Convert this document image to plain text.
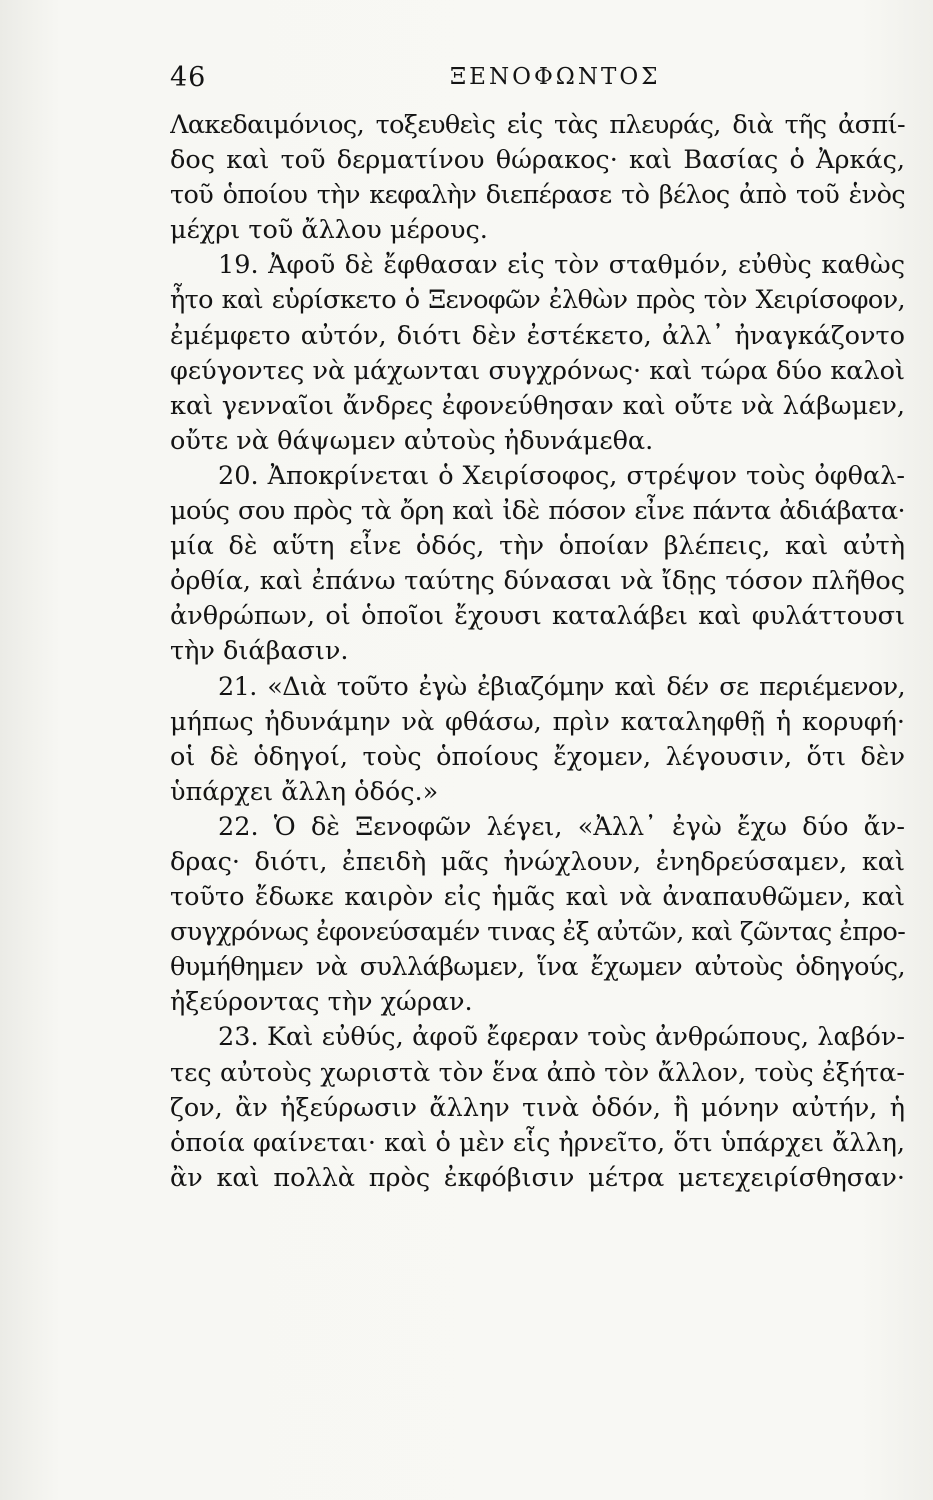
46	ΞΕΝΟΦΩΝΤΟΣ
Λακεδαιμόνιος, τοξευθεὶς εἰς τὰς πλευράς, διὰ τῆς ἀσπί-
δος καὶ τοῦ δερματίνου θώρακος· καὶ Βασίας ὁ Ἀρκάς,
τοῦ ὁποίου τὴν κεφαλὴν διεπέρασε τὸ βέλος ἀπὸ τοῦ ἑνὸς
μέχρι τοῦ ἄλλου μέρους.
19. Ἀφοῦ δὲ ἔφθασαν εἰς τὸν σταθμόν, εὐθὺς καθὼς
ἦτο καὶ εὑρίσκετο ὁ Ξενοφῶν ἐλθὼν πρὸς τὸν Χειρίσοφον,
ἐμέμφετο αὐτόν, διότι δὲν ἐστέκετο, ἀλλ᾽ ἠναγκάζοντο
φεύγοντες νὰ μάχωνται συγχρόνως· καὶ τώρα δύο καλοὶ
καὶ γενναῖοι ἄνδρες ἐφονεύθησαν καὶ οὔτε νὰ λάβωμεν,
οὔτε νὰ θάψωμεν αὐτοὺς ἠδυνάμεθα.
20. Ἀποκρίνεται ὁ Χειρίσοφος, στρέψον τοὺς ὀφθαλ-
μούς σου πρὸς τὰ ὄρη καὶ ἰδὲ πόσον εἶνε πάντα ἀδιάβατα·
μία δὲ αὕτη εἶνε ὁδός, τὴν ὁποίαν βλέπεις, καὶ αὐτὴ
ὀρθία, καὶ ἐπάνω ταύτης δύνασαι νὰ ἴδῃς τόσον πλῆθος
ἀνθρώπων, οἱ ὁποῖοι ἔχουσι καταλάβει καὶ φυλάττουσι
τὴν διάβασιν.
21. «Διὰ τοῦτο ἐγὼ ἐβιαζόμην καὶ δέν σε περιέμενον,
μήπως ἠδυνάμην νὰ φθάσω, πρὶν καταληφθῇ ἡ κορυφή·
οἱ δὲ ὁδηγοί, τοὺς ὁποίους ἔχομεν, λέγουσιν, ὅτι δὲν
ὑπάρχει ἄλλη ὁδός.»
22. Ὁ δὲ Ξενοφῶν λέγει, «Ἀλλ᾽ ἐγὼ ἔχω δύο ἄν-
δρας· διότι, ἐπειδὴ μᾶς ἠνώχλουν, ἐνηδρεύσαμεν, καὶ
τοῦτο ἔδωκε καιρὸν εἰς ἡμᾶς καὶ νὰ ἀναπαυθῶμεν, καὶ
συγχρόνως ἐφονεύσαμέν τινας ἐξ αὐτῶν, καὶ ζῶντας ἐπρο-
θυμήθημεν νὰ συλλάβωμεν, ἵνα ἔχωμεν αὐτοὺς ὁδηγούς,
ἠξεύροντας τὴν χώραν.
23. Καὶ εὐθύς, ἀφοῦ ἔφεραν τοὺς ἀνθρώπους, λαβόν-
τες αὐτοὺς χωριστὰ τὸν ἕνα ἀπὸ τὸν ἄλλον, τοὺς ἐξήτα-
ζον, ἂν ἠξεύρωσιν ἄλλην τινὰ ὁδόν, ἢ μόνην αὐτήν, ἡ
ὁποία φαίνεται· καὶ ὁ μὲν εἷς ἠρνεῖτο, ὅτι ὑπάρχει ἄλλη,
ἂν καὶ πολλὰ πρὸς ἐκφόβισιν μέτρα μετεχειρίσθησαν·
